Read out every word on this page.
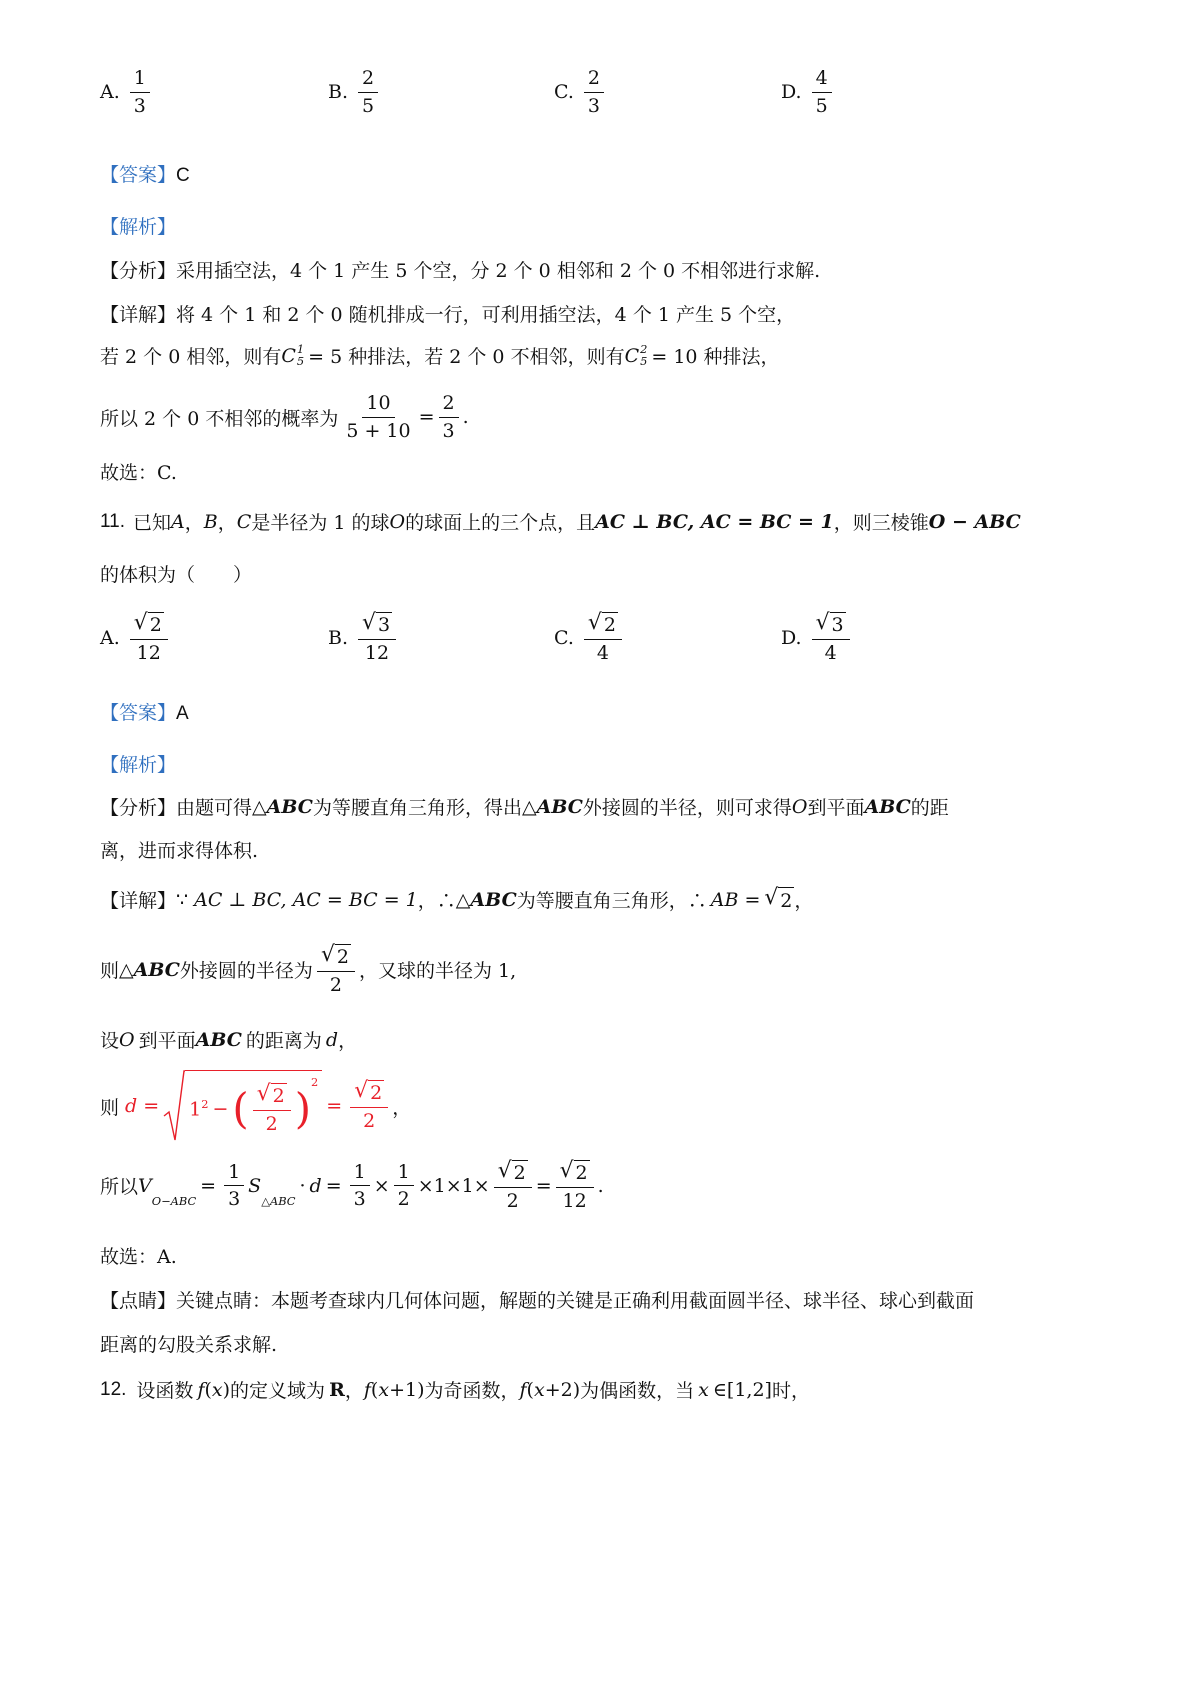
A. $\frac{1}{3}$	B. $\frac{2}{5}$	C. $\frac{2}{3}$	D. $\frac{4}{5}$
【答案】C
【解析】
【分析】采用插空法，4 个 1 产生 5 个空，分 2 个 0 相邻和 2 个 0 不相邻进行求解.
【详解】将 4 个 1 和 2 个 0 随机排成一行，可利用插空法，4 个 1 产生 5 个空，
若 2 个 0 相邻，则有 C 1
5 = 5 种排法，若 2 个 0 不相邻，则有 C 2
5 = 10 种排法，
所以 2 个 0 不相邻的概率为 $\frac{10}{5 + 10} = \frac{2}{3}$ .
故选：C.
11. 已知 A ， B ， C 是半径为 1 的球 O 的球面上的三个点，且 AC ⊥ BC, AC = BC = 1 ，则三棱锥 O − ABC
的体积为（　　）
A. $\frac{√ 2}{12}$	B. $\frac{√ 3}{12}$	C. $\frac{√ 2}{4}$	D. $\frac{√ 3}{4}$
【答案】A
【解析】
【分析】 由题可得 △ ABC 为等腰直角三角形，得出 △ ABC 外接圆的半径，则可求得 O 到平面 ABC 的距
离，进而求得体积.
【详解】 ∵ AC ⊥ BC, AC = BC = 1 ，∴ △ ABC 为等腰直角三角形，∴ AB = √ 2 ，
则 △ ABC 外接圆的半径为 $\frac{√ 2}{2}$ ，又球的半径为 1,
设 O 到平面 ABC 的距离为 d ，
则 $d = 1^2$ − ( $\frac{√ 2}{2}$ )
$^2$
= $\frac{√ 2}{2}$ ，
所以 V
$_{O-ABC}$
= $\frac{1}{3}$ S
$_{\triangle ABC}$
· $d = \frac{1}{3} \times \frac{1}{2} \times 1\times 1\times \frac{√ 2}{2} = \frac{√ 2}{12}$ .
故选：A.
【点睛】关键点睛：本题考查球内几何体问题，解题的关键是正确利用截面圆半径、球半径、球心到截面
距离的勾股关系求解.
12. 设函数 f ( x ) 的定义域为 R ， f ( x +1) 为奇函数， f ( x +2) 为偶函数，当 x ∈[1,2] 时，
